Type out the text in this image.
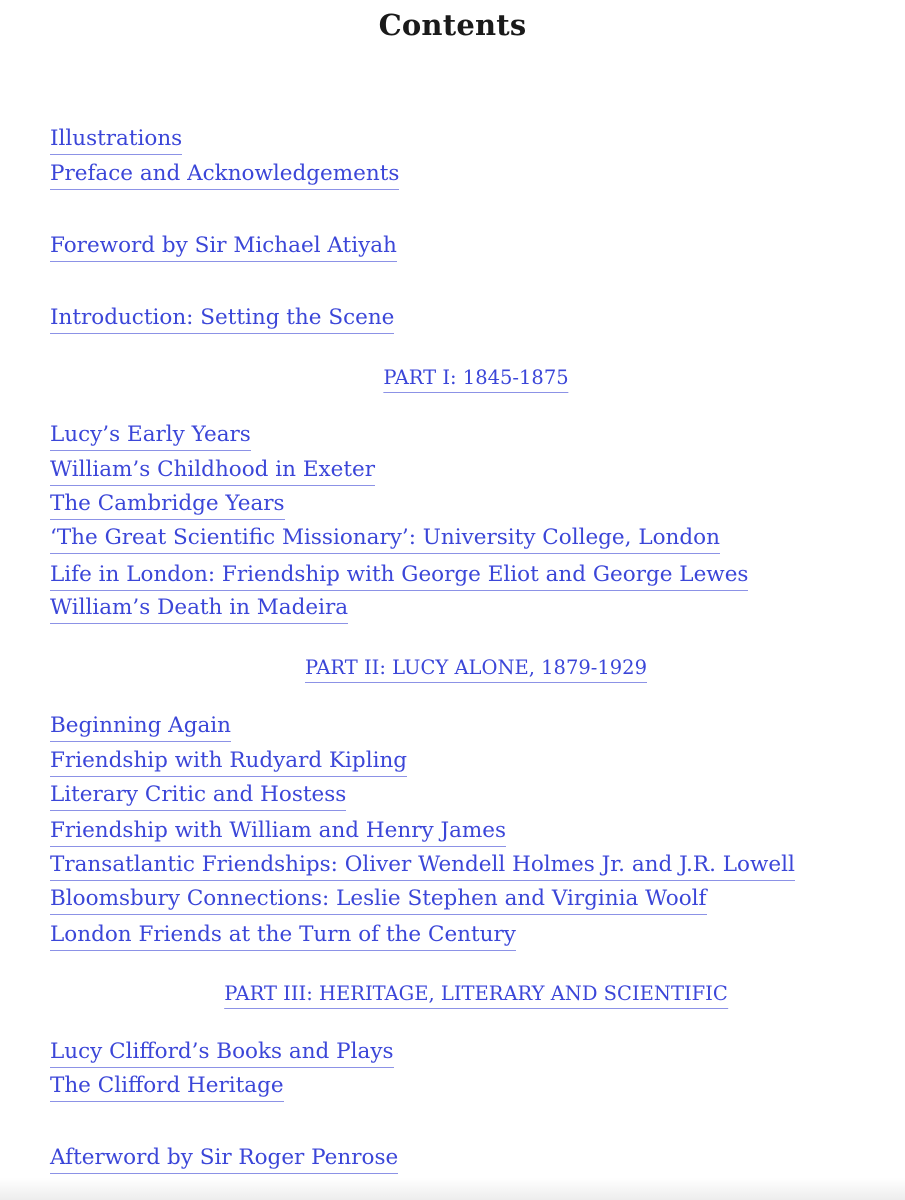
Contents
Illustrations
Preface and Acknowledgements
Foreword by Sir Michael Atiyah
Introduction: Setting the Scene
PART I: 1845-1875
Lucy’s Early Years
William’s Childhood in Exeter
The Cambridge Years
‘The Great Scientific Missionary’: University College, London
Life in London: Friendship with George Eliot and George Lewes
William’s Death in Madeira
PART II: LUCY ALONE, 1879-1929
Beginning Again
Friendship with Rudyard Kipling
Literary Critic and Hostess
Friendship with William and Henry James
Transatlantic Friendships: Oliver Wendell Holmes Jr. and J.R. Lowell
Bloomsbury Connections: Leslie Stephen and Virginia Woolf
London Friends at the Turn of the Century
PART III: HERITAGE, LITERARY AND SCIENTIFIC
Lucy Clifford’s Books and Plays
The Clifford Heritage
Afterword by Sir Roger Penrose
